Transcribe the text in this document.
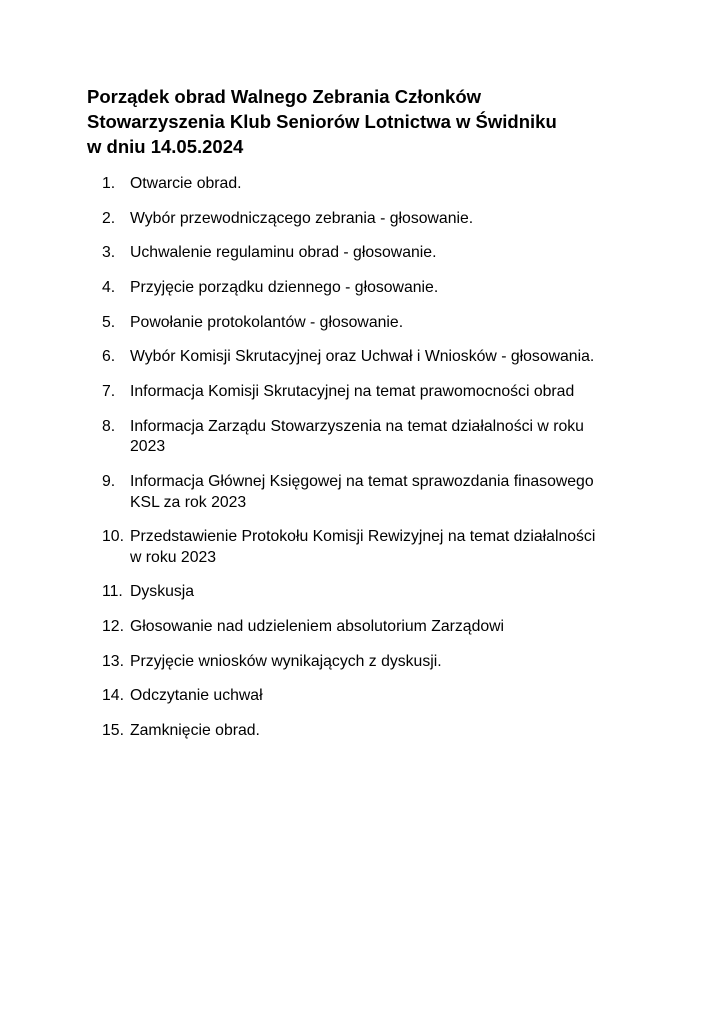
Porządek obrad Walnego Zebrania Członków

Stowarzyszenia Klub Seniorów Lotnictwa w Świdniku

w dniu 14.05.2024

1. Otwarcie obrad.
2. Wybór przewodniczącego zebrania - głosowanie.
3. Uchwalenie regulaminu obrad - głosowanie.
4. Przyjęcie porządku dziennego - głosowanie.
5. Powołanie protokolantów - głosowanie.
6. Wybór Komisji Skrutacyjnej oraz Uchwał i Wniosków - głosowania.
7. Informacja Komisji Skrutacyjnej na temat prawomocności obrad
8. Informacja Zarządu Stowarzyszenia na temat działalności w roku
2023
9. Informacja Głównej Księgowej na temat sprawozdania finasowego
KSL za rok 2023
10. Przedstawienie Protokołu Komisji Rewizyjnej na temat działalności
w roku 2023
11. Dyskusja
12. Głosowanie nad udzieleniem absolutorium Zarządowi
13. Przyjęcie wniosków wynikających z dyskusji.
14. Odczytanie uchwał
15. Zamknięcie obrad.
